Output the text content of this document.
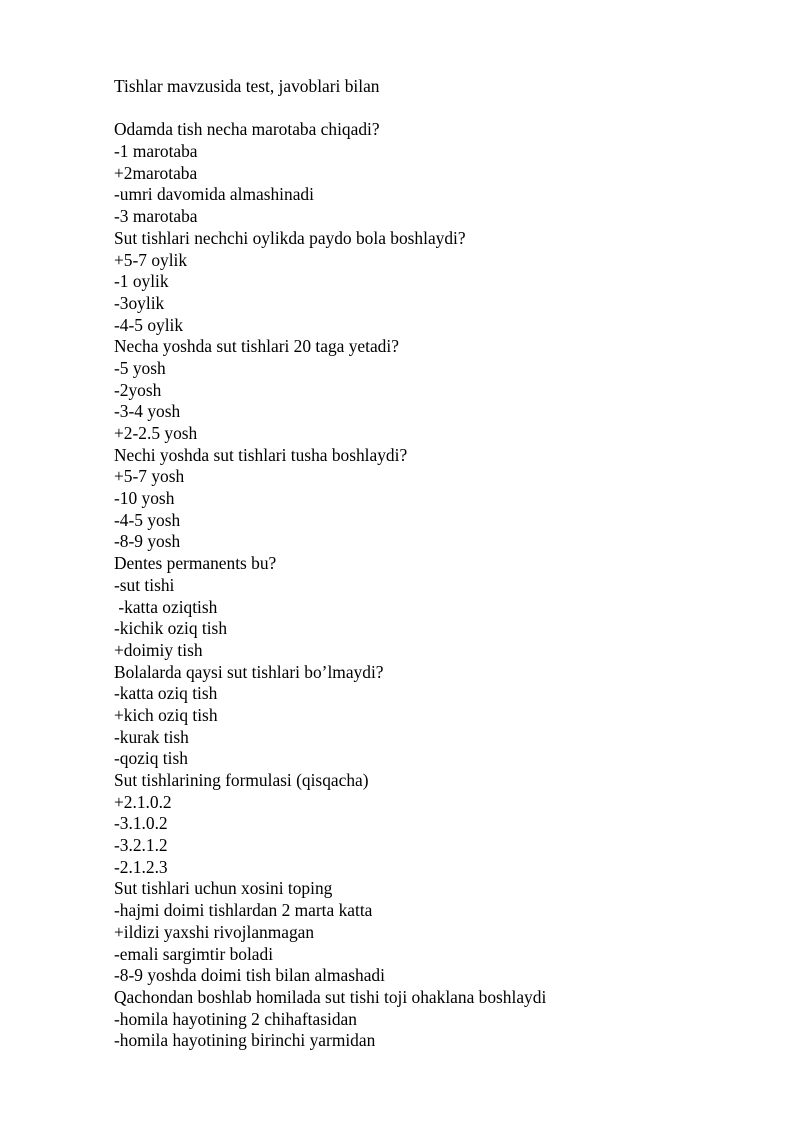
Tishlar mavzusida test, javoblari bilan
Odamda tish necha marotaba chiqadi?
-1 marotaba
+2marotaba
-umri davomida almashinadi
-3 marotaba
Sut tishlari nechchi oylikda paydo bola boshlaydi?
+5-7 oylik
-1 oylik
-3oylik
-4-5 oylik
Necha yoshda sut tishlari 20 taga yetadi?
-5 yosh
-2yosh
-3-4 yosh
+2-2.5 yosh
Nechi yoshda sut tishlari tusha boshlaydi?
+5-7 yosh
-10 yosh
-4-5 yosh
-8-9 yosh
Dentes permanents bu?
-sut tishi
-katta oziqtish
-kichik oziq tish
+doimiy tish
Bolalarda qaysi sut tishlari bo’lmaydi?
-katta oziq tish
+kich oziq tish
-kurak tish
-qoziq tish
Sut tishlarining formulasi (qisqacha)
+2.1.0.2
-3.1.0.2
-3.2.1.2
-2.1.2.3
Sut tishlari uchun xosini toping
-hajmi doimi tishlardan 2 marta katta
+ildizi yaxshi rivojlanmagan
-emali sargimtir boladi
-8-9 yoshda doimi tish bilan almashadi
Qachondan boshlab homilada sut tishi toji ohaklana boshlaydi
-homila hayotining 2 chihaftasidan
-homila hayotining birinchi yarmidan
